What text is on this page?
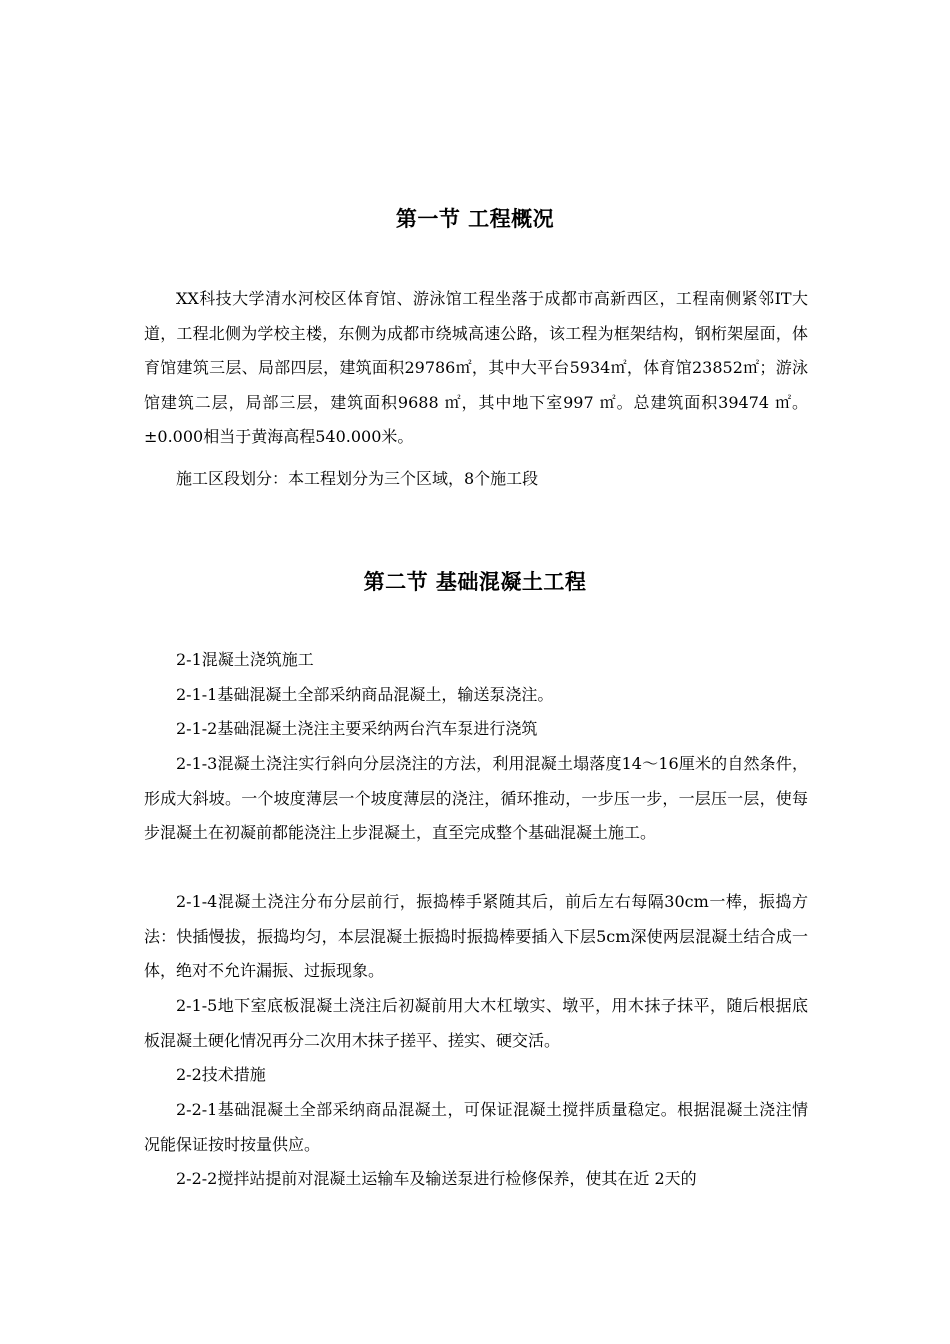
第一节 工程概况

XX科技大学清水河校区体育馆、游泳馆工程坐落于成都市高新西区，工程南侧紧邻IT大道，工程北侧为学校主楼，东侧为成都市绕城高速公路，该工程为框架结构，钢桁架屋面，体育馆建筑三层、局部四层，建筑面积29786㎡，其中大平台5934㎡，体育馆23852㎡；游泳馆建筑二层，局部三层，建筑面积9688 ㎡，其中地下室997 ㎡。总建筑面积39474 ㎡。±0.000相当于黄海高程540.000米。

施工区段划分：本工程划分为三个区域，8个施工段

第二节 基础混凝土工程

2-1混凝土浇筑施工

2-1-1基础混凝土全部采纳商品混凝土，输送泵浇注。

2-1-2基础混凝土浇注主要采纳两台汽车泵进行浇筑

2-1-3混凝土浇注实行斜向分层浇注的方法，利用混凝土塌落度14～16厘米的自然条件，形成大斜坡。一个坡度薄层一个坡度薄层的浇注，循环推动，一步压一步，一层压一层，使每步混凝土在初凝前都能浇注上步混凝土，直至完成整个基础混凝土施工。

2-1-4混凝土浇注分布分层前行，振捣棒手紧随其后，前后左右每隔30cm一棒，振捣方法：快插慢拔，振捣均匀，本层混凝土振捣时振捣棒要插入下层5cm深使两层混凝土结合成一体，绝对不允许漏振、过振现象。

2-1-5地下室底板混凝土浇注后初凝前用大木杠墩实、墩平，用木抹子抹平，随后根据底板混凝土硬化情况再分二次用木抹子搓平、搓实、硬交活。

2-2技术措施

2-2-1基础混凝土全部采纳商品混凝土，可保证混凝土搅拌质量稳定。根据混凝土浇注情况能保证按时按量供应。

2-2-2搅拌站提前对混凝土运输车及输送泵进行检修保养，使其在近 2天的
